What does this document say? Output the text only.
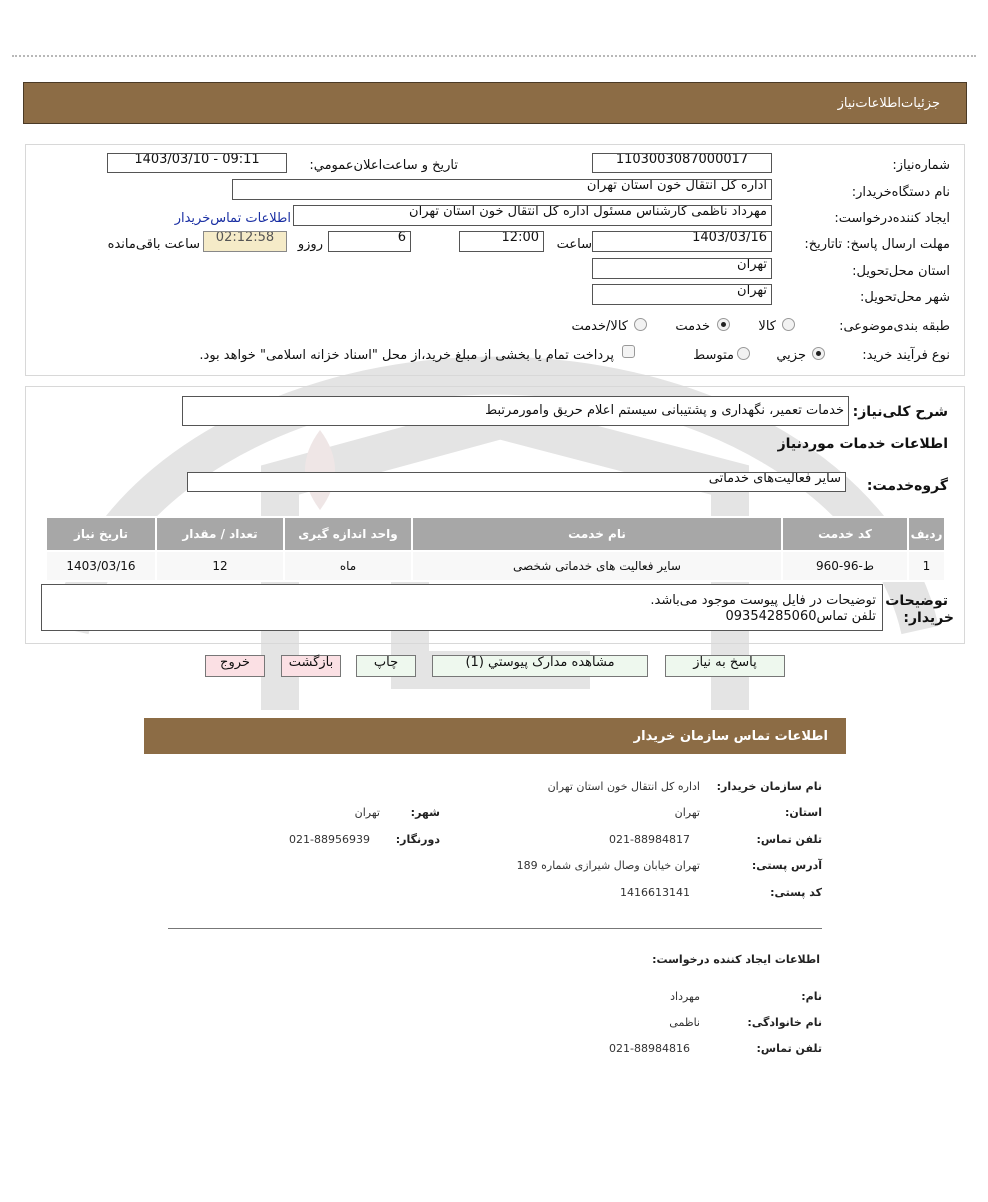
جزئيات‌اطلاعات‌نياز
شماره‌نياز:
1103003087000017
تاريخ و ساعت‌اعلان‌عمومي:
1403/03/10 - 09:11
نام دستگاه‌خريدار:
اداره کل انتقال خون استان تهران
ايجاد کننده‌درخواست:
مهرداد ناظمی کارشناس مسئول اداره کل انتقال خون استان تهران
اطلاعات تماس‌خريدار
مهلت ارسال پاسخ: تاتاريخ:
1403/03/16
ساعت
12:00
6
روزو
02:12:58
ساعت باقی‌مانده
استان محل‌تحويل:
تهران
شهر محل‌تحويل:
تهران
طبقه بندی‌موضوعی:
کالا
خدمت
کالا/خدمت
نوع فرآيند خريد:
جزيي
متوسط
پرداخت تمام يا بخشی از مبلغ خريد،از محل "اسناد خزانه اسلامی" خواهد بود.
شرح کلی‌نياز:
خدمات تعمير، نگهداری و پشتيبانی سيستم اعلام حريق وامورمرتبط
اطلاعات خدمات مورد‌نياز
گروه‌خدمت:
ساير فعاليت‌های خدماتی
رديف	کد خدمت	نام خدمت	واحد اندازه گيری	تعداد / مقدار	تاريخ نياز
1	ط-96-960	ساير فعاليت های خدماتی شخصی	ماه	12	1403/03/16
توضيحات
خريدار:
توضيحات در فايل پيوست موجود می‌باشد.
تلفن تماس09354285060
پاسخ به نياز
مشاهده مدارک پيوستي (1)
چاپ
بازگشت
خروج
اطلاعات تماس سازمان خريدار
نام سازمان خريدار:
اداره کل انتقال خون استان تهران
استان:
تهران
شهر:
تهران
تلفن تماس:
021-88984817
دورنگار:
021-88956939
آدرس پستی:
تهران خيابان وصال شيرازی شماره 189
کد پستی:
1416613141
اطلاعات ايجاد کننده درخواست:
نام:
مهرداد
نام خانوادگی:
ناظمی
تلفن تماس:
021-88984816
